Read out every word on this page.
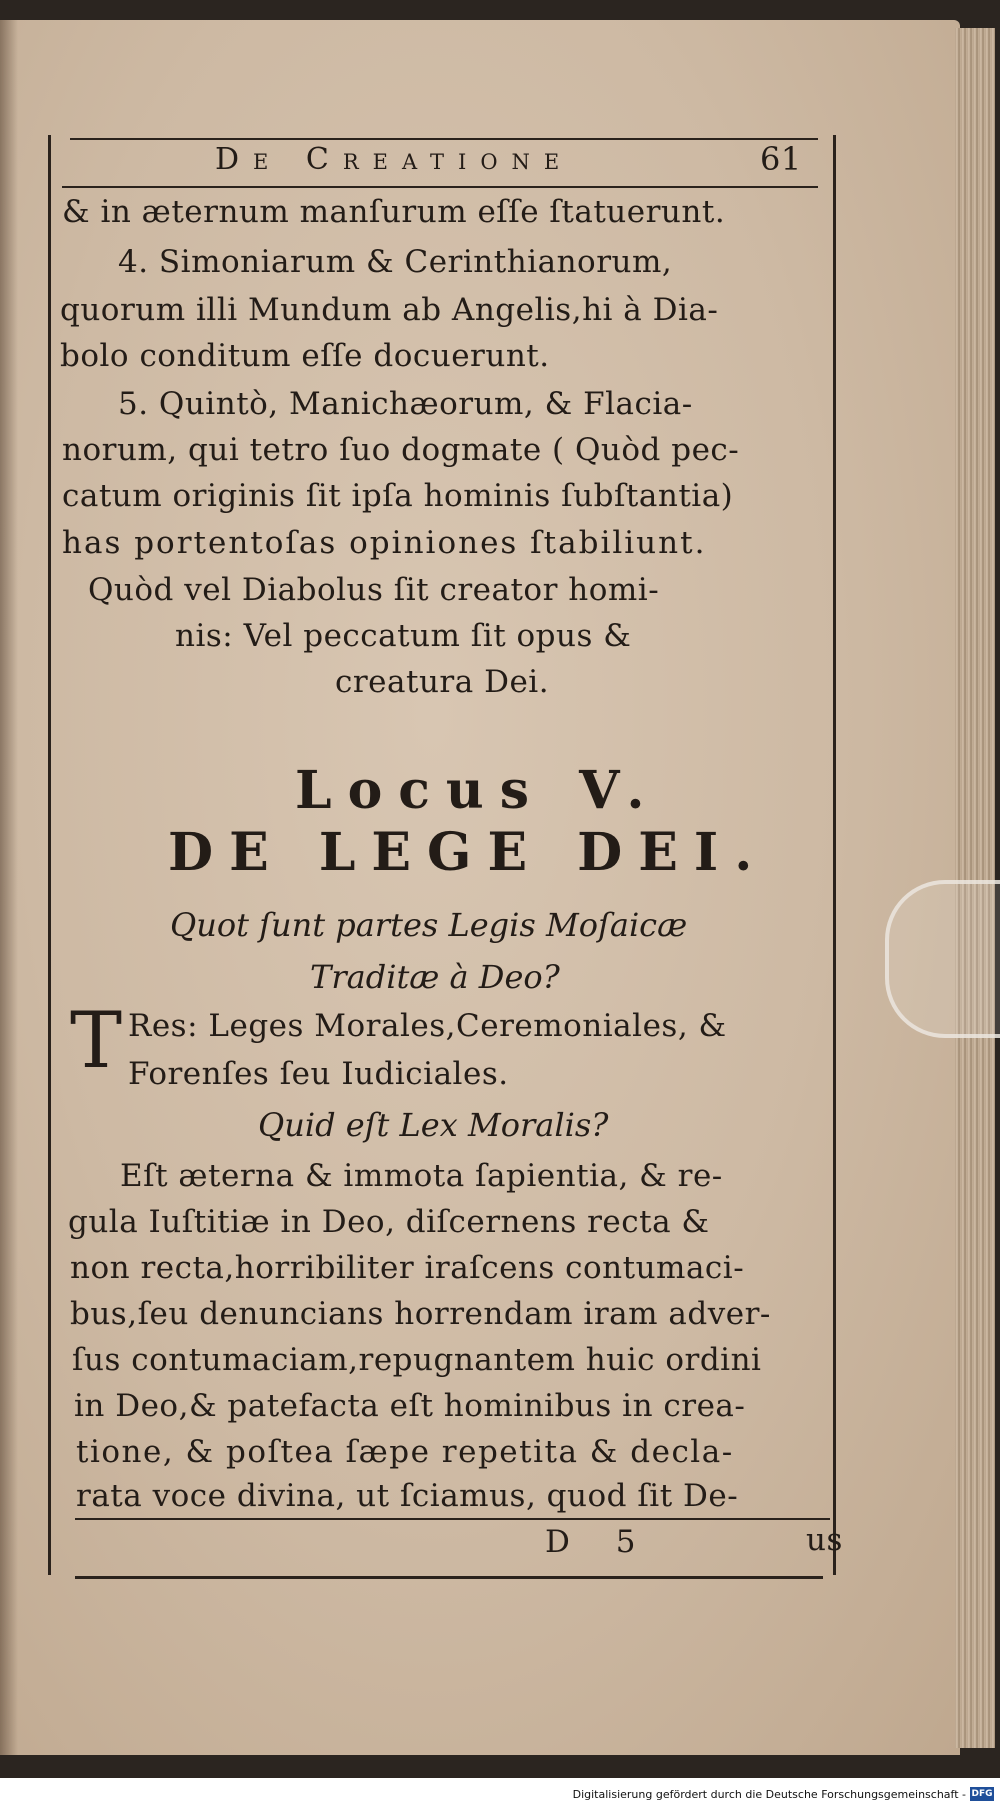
De Creatione	61
& in æternum manſurum eſſe ſtatuerunt.
4. Simoniarum & Cerinthianorum,
quorum illi Mundum ab Angelis,hi à Dia-
bolo conditum eſſe docuerunt.
5. Quintò, Manichæorum, & Flacia-
norum, qui tetro ſuo dogmate ( Quòd pec-
catum originis ſit ipſa hominis ſubſtantia)
has portentoſas opiniones ſtabiliunt.
Quòd vel Diabolus ſit creator homi-
nis: Vel peccatum ſit opus &
creatura Dei.
Locus V.
DE LEGE DEI.
Quot ſunt partes Legis Moſaicæ
Traditæ à Deo?
T Res: Leges Morales,Ceremoniales, &
Forenſes ſeu Iudiciales.
Quid eſt Lex Moralis?
Eſt æterna & immota ſapientia, & re-
gula Iuſtitiæ in Deo, diſcernens recta &
non recta,horribiliter iraſcens contumaci-
bus,ſeu denuncians horrendam iram adver-
ſus contumaciam,repugnantem huic ordini
in Deo,& patefacta eſt hominibus in crea-
tione, & poſtea ſæpe repetita & decla-
rata voce divina, ut ſciamus, quod ſit De-
D 5	us
Digitalisierung gefördert durch die Deutsche Forschungsgemeinschaft - DFG
